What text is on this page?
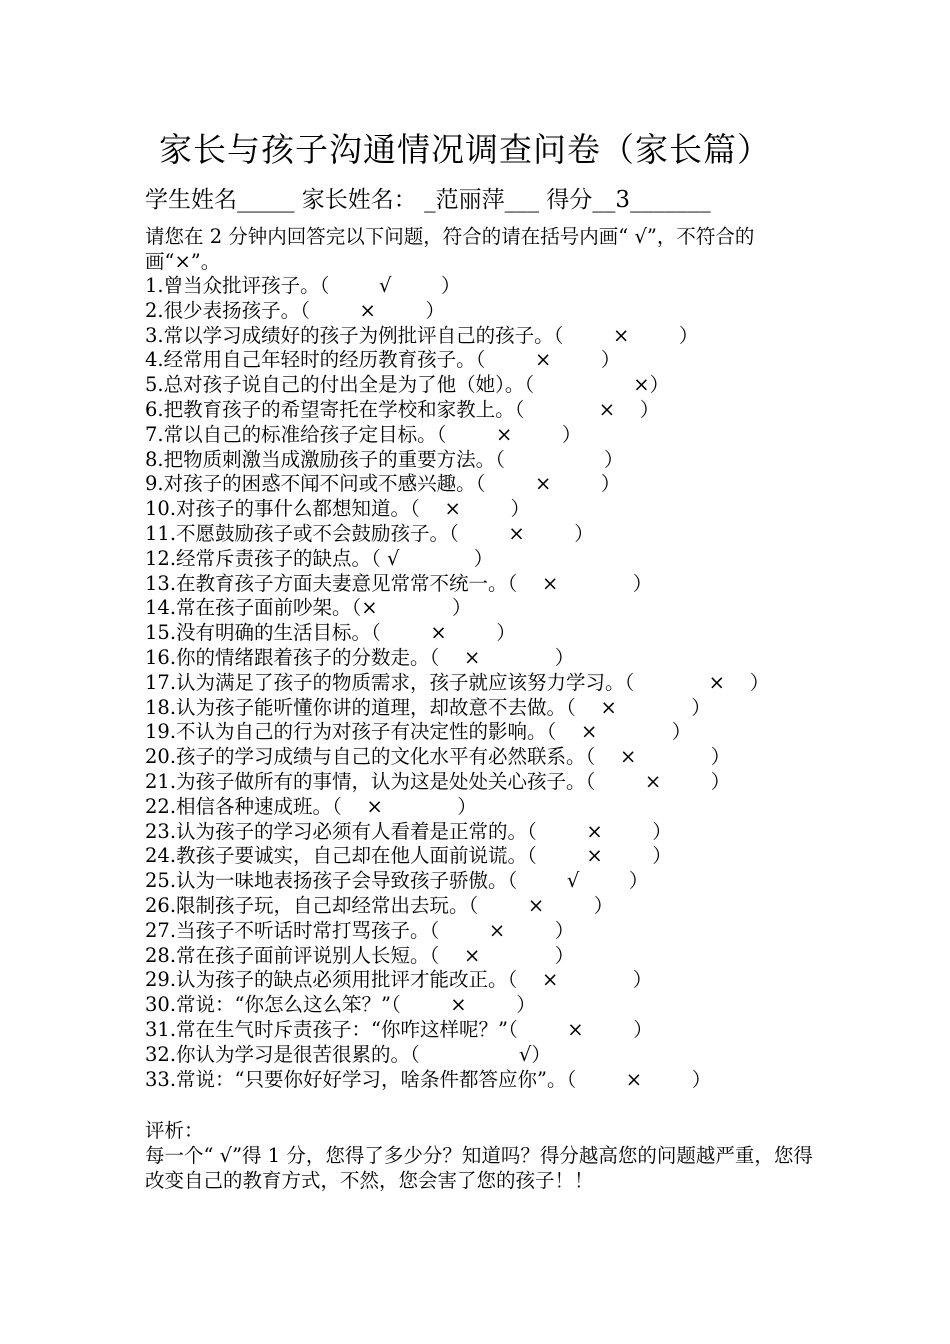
家长与孩子沟通情况调查问卷（家长篇）

学生姓名_____ 家长姓名： _范丽萍___ 得分__3_______

请您在 2 分钟内回答完以下问题，符合的请在括号内画“ √”，不符合的画“×”。

1.曾当众批评孩子。（        √        ）
2.很少表扬孩子。（        ×        ）
3.常以学习成绩好的孩子为例批评自己的孩子。（        ×        ）
4.经常用自己年轻时的经历教育孩子。（        ×        ）
5.总对孩子说自己的付出全是为了他（她）。（                ×）
6.把教育孩子的希望寄托在学校和家教上。（            ×    ）
7.常以自己的标准给孩子定目标。（        ×        ）
8.把物质刺激当成激励孩子的重要方法。（                ）
9.对孩子的困惑不闻不问或不感兴趣。（        ×        ）
10.对孩子的事什么都想知道。（    ×        ）
11.不愿鼓励孩子或不会鼓励孩子。（        ×        ）
12.经常斥责孩子的缺点。（ √            ）
13.在教育孩子方面夫妻意见常常不统一。（    ×            ）
14.常在孩子面前吵架。（×            ）
15.没有明确的生活目标。（        ×        ）
16.你的情绪跟着孩子的分数走。（    ×            ）
17.认为满足了孩子的物质需求，孩子就应该努力学习。（            ×    ）
18.认为孩子能听懂你讲的道理，却故意不去做。（    ×            ）
19.不认为自己的行为对孩子有决定性的影响。（    ×            ）
20.孩子的学习成绩与自己的文化水平有必然联系。（    ×            ）
21.为孩子做所有的事情，认为这是处处关心孩子。（        ×        ）
22.相信各种速成班。（    ×            ）
23.认为孩子的学习必须有人看着是正常的。（        ×        ）
24.教孩子要诚实，自己却在他人面前说谎。（        ×        ）
25.认为一味地表扬孩子会导致孩子骄傲。（        √        ）
26.限制孩子玩，自己却经常出去玩。（        ×        ）
27.当孩子不听话时常打骂孩子。（        ×        ）
28.常在孩子面前评说别人长短。（    ×            ）
29.认为孩子的缺点必须用批评才能改正。（    ×            ）
30.常说：“你怎么这么笨？”（        ×        ）
31.常在生气时斥责孩子：“你咋这样呢？”（        ×        ）
32.你认为学习是很苦很累的。（                √）
33.常说：“只要你好好学习，啥条件都答应你”。（        ×        ）

评析：

每一个“ √”得 1 分，您得了多少分？知道吗？得分越高您的问题越严重，您得改变自己的教育方式，不然，您会害了您的孩子！！
